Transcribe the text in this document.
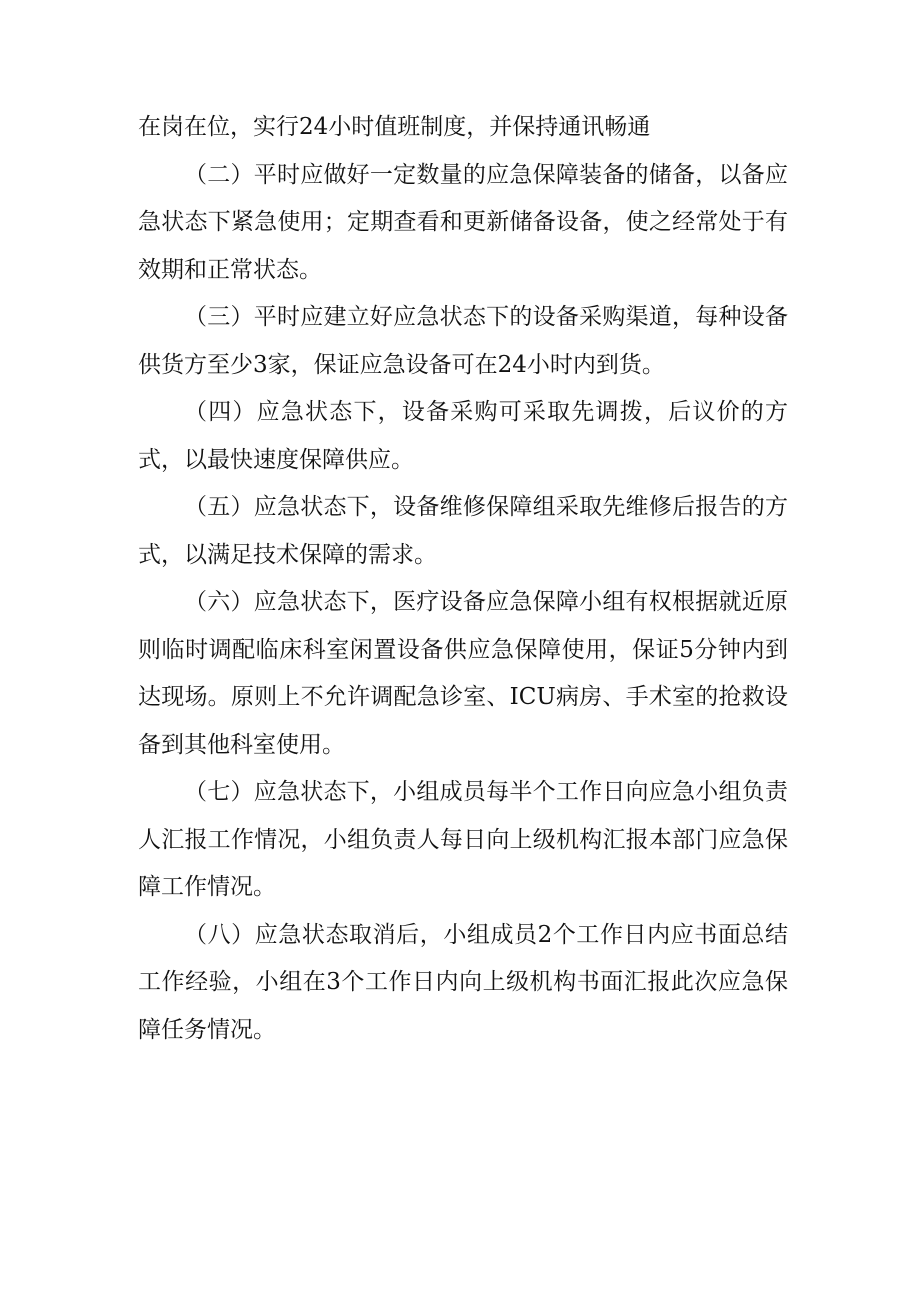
在岗在位，实行24小时值班制度，并保持通讯畅通

（二）平时应做好一定数量的应急保障装备的储备，以备应急状态下紧急使用；定期查看和更新储备设备，使之经常处于有效期和正常状态。

（三）平时应建立好应急状态下的设备采购渠道，每种设备供货方至少3家，保证应急设备可在24小时内到货。

（四）应急状态下，设备采购可采取先调拨，后议价的方式，以最快速度保障供应。

（五）应急状态下，设备维修保障组采取先维修后报告的方式，以满足技术保障的需求。

（六）应急状态下，医疗设备应急保障小组有权根据就近原则临时调配临床科室闲置设备供应急保障使用，保证5分钟内到达现场。原则上不允许调配急诊室、ICU病房、手术室的抢救设备到其他科室使用。

（七）应急状态下，小组成员每半个工作日向应急小组负责人汇报工作情况，小组负责人每日向上级机构汇报本部门应急保障工作情况。

（八）应急状态取消后，小组成员2个工作日内应书面总结工作经验，小组在3个工作日内向上级机构书面汇报此次应急保障任务情况。
